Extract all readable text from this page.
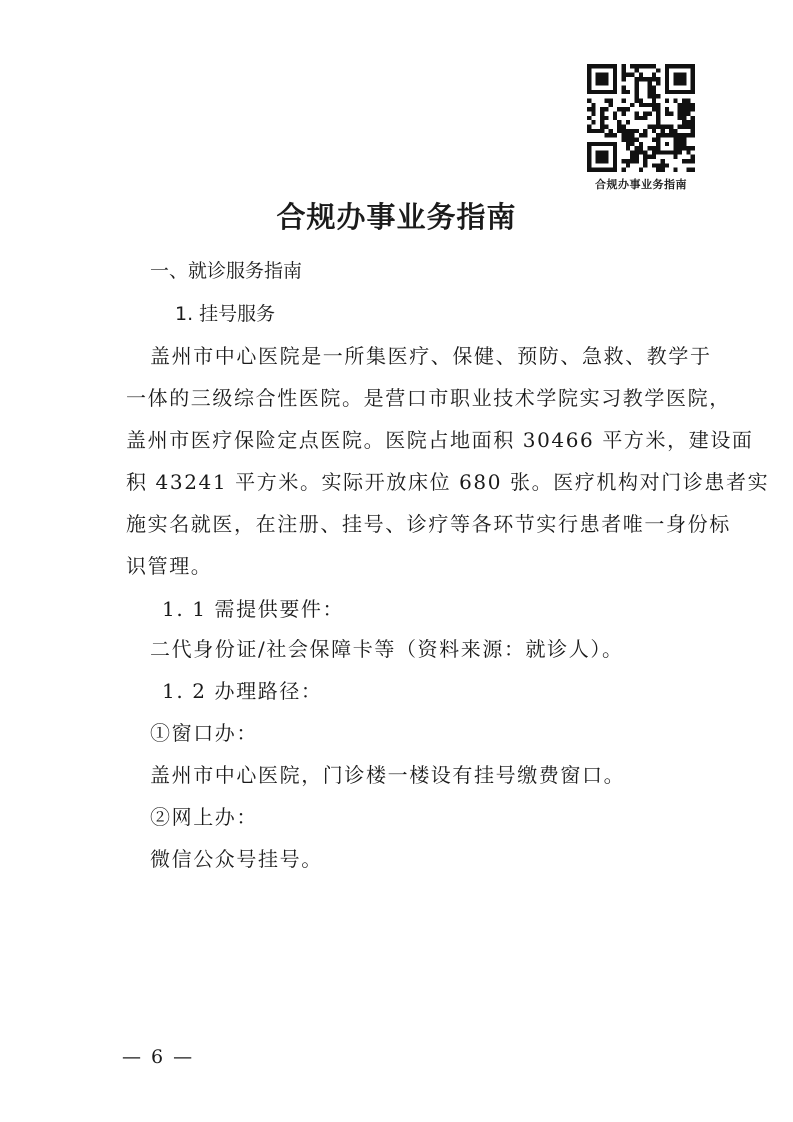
合规办事业务指南
合规办事业务指南
一、就诊服务指南
1. 挂号服务
盖州市中心医院是一所集医疗、保健、预防、急救、教学于
一体的三级综合性医院。是营口市职业技术学院实习教学医院，
盖州市医疗保险定点医院。医院占地面积 30466 平方米，建设面
积 43241 平方米。实际开放床位 680 张。医疗机构对门诊患者实
施实名就医，在注册、挂号、诊疗等各环节实行患者唯一身份标
识管理。
1. 1 需提供要件：
二代身份证/社会保障卡等（资料来源：就诊人）。
1. 2 办理路径：
①窗口办：
盖州市中心医院，门诊楼一楼设有挂号缴费窗口。
②网上办：
微信公众号挂号。
— 6 —
